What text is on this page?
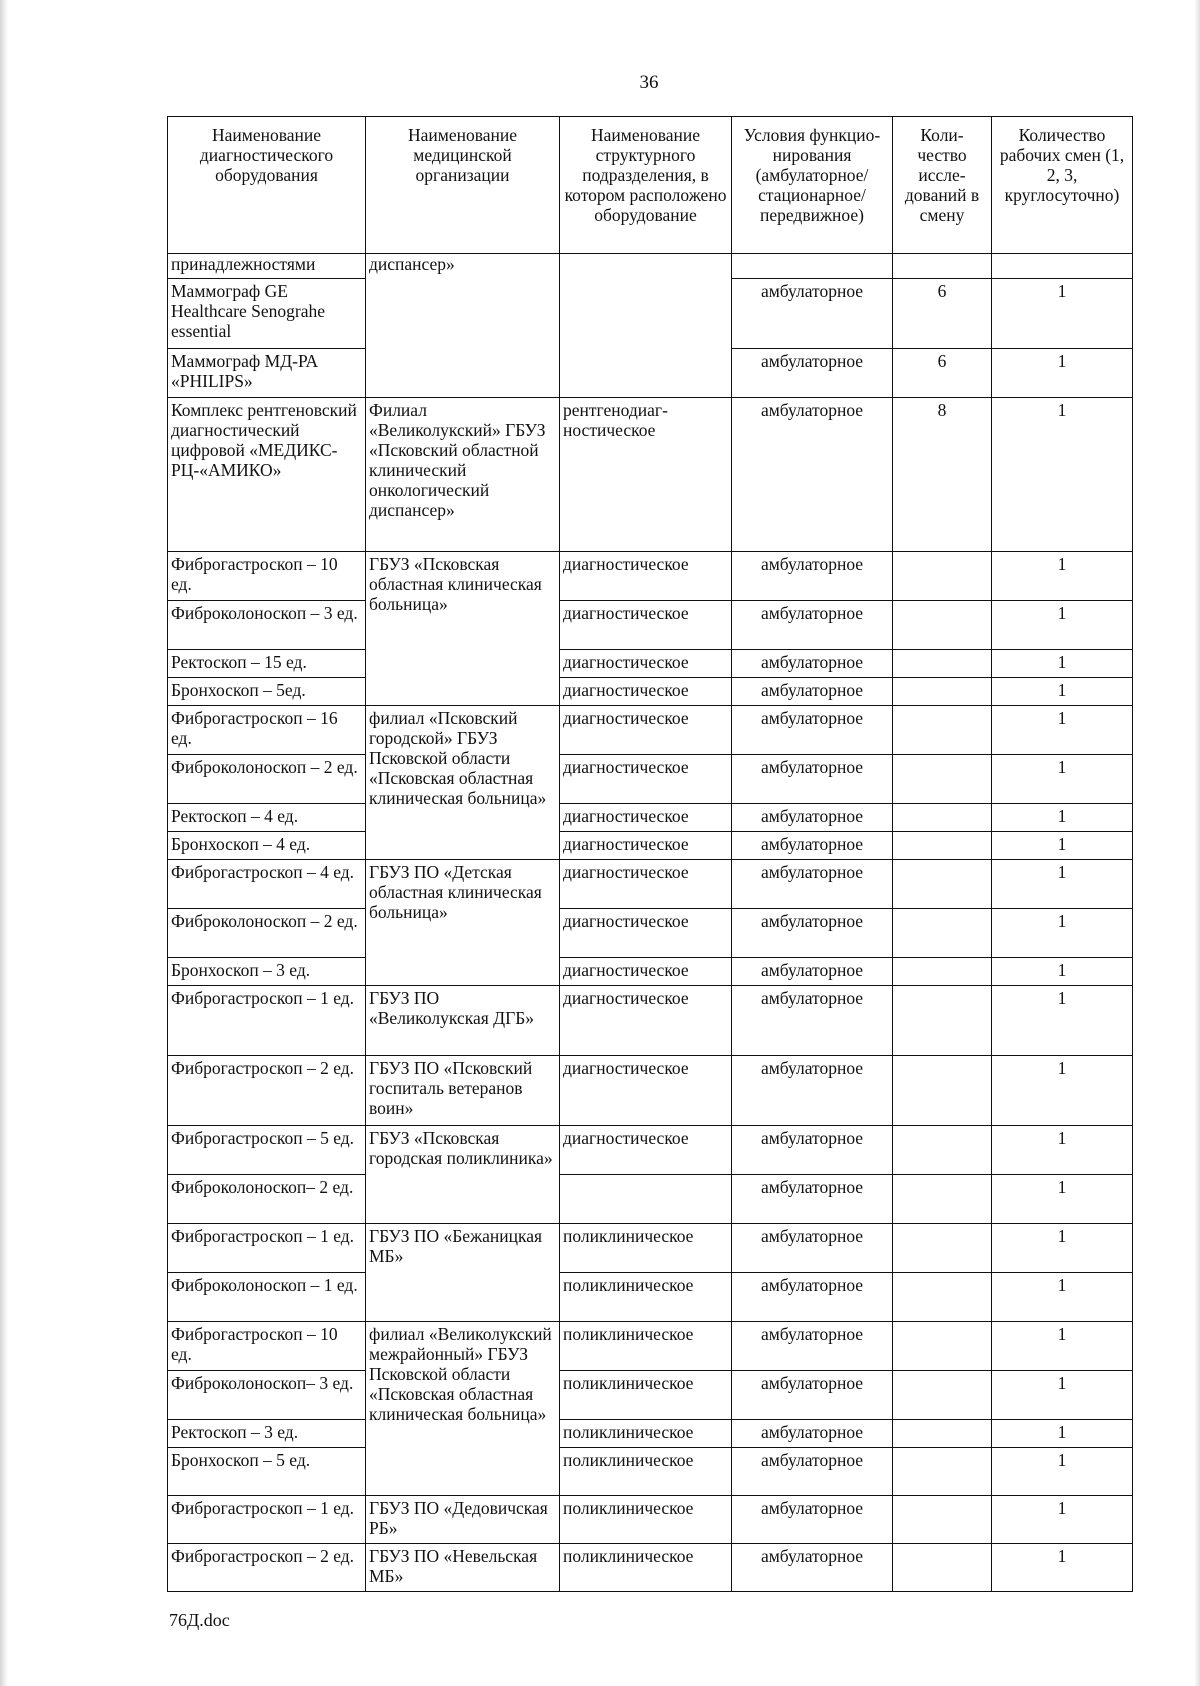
36
Наименование диагностического оборудования	Наименование медицинской организации	Наименование структурного подразделения, в котором расположено оборудование	Условия функцио-нирования (амбулаторное/ стационарное/ передвижное)	Коли-чество иссле-дований в смену	Количество рабочих смен (1, 2, 3, круглосуточно)
принадлежностями	диспансер»				
Маммограф GE Healthcare Senograhe essential			амбулаторное	6	1
Маммограф МД-РА «PHILIPS»			амбулаторное	6	1
Комплекс рентгеновский диагностический цифровой «МЕДИКС-РЦ-«АМИКО»	Филиал «Великолукский» ГБУЗ «Псковский областной клинический онкологический диспансер»	рентгенодиаг-ностическое	амбулаторное	8	1
Фиброгастроскоп – 10 ед.	ГБУЗ «Псковская областная клиническая больница»	диагностическое	амбулаторное		1
Фиброколоноскоп – 3 ед.		диагностическое	амбулаторное		1
Ректоскоп – 15 ед.		диагностическое	амбулаторное		1
Бронхоскоп – 5ед.		диагностическое	амбулаторное		1
Фиброгастроскоп – 16 ед.	филиал «Псковский городской» ГБУЗ Псковской области «Псковская областная клиническая больница»	диагностическое	амбулаторное		1
Фиброколоноскоп – 2 ед.		диагностическое	амбулаторное		1
Ректоскоп – 4 ед.		диагностическое	амбулаторное		1
Бронхоскоп – 4 ед.		диагностическое	амбулаторное		1
Фиброгастроскоп – 4 ед.	ГБУЗ ПО «Детская областная клиническая больница»	диагностическое	амбулаторное		1
Фиброколоноскоп – 2 ед.		диагностическое	амбулаторное		1
Бронхоскоп – 3 ед.		диагностическое	амбулаторное		1
Фиброгастроскоп – 1 ед.	ГБУЗ ПО «Великолукская ДГБ»	диагностическое	амбулаторное		1
Фиброгастроскоп – 2 ед.	ГБУЗ ПО «Псковский госпиталь ветеранов воин»	диагностическое	амбулаторное		1
Фиброгастроскоп – 5 ед.	ГБУЗ «Псковская городская поликлиника»	диагностическое	амбулаторное		1
Фиброколоноскоп– 2 ед.			амбулаторное		1
Фиброгастроскоп – 1 ед.	ГБУЗ ПО «Бежаницкая МБ»	поликлиническое	амбулаторное		1
Фиброколоноскоп – 1 ед.		поликлиническое	амбулаторное		1
Фиброгастроскоп – 10 ед.	филиал «Великолукский межрайонный» ГБУЗ Псковской области «Псковская областная клиническая больница»	поликлиническое	амбулаторное		1
Фиброколоноскоп– 3 ед.		поликлиническое	амбулаторное		1
Ректоскоп – 3 ед.		поликлиническое	амбулаторное		1
Бронхоскоп – 5 ед.		поликлиническое	амбулаторное		1
Фиброгастроскоп – 1 ед.	ГБУЗ ПО «Дедовичская РБ»	поликлиническое	амбулаторное		1
Фиброгастроскоп – 2 ед.	ГБУЗ ПО «Невельская МБ»	поликлиническое	амбулаторное		1
76Д.doc
